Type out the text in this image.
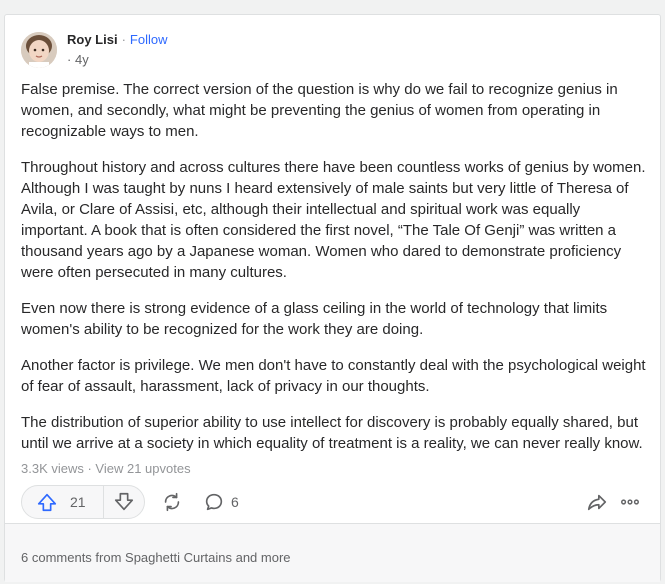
Roy Lisi · Follow
· 4y

False premise. The correct version of the question is why do we fail to recognize genius in women, and secondly, what might be preventing the genius of women from operating in recognizable ways to men.

Throughout history and across cultures there have been countless works of genius by women. Although I was taught by nuns I heard extensively of male saints but very little of Theresa of Avila, or Clare of Assisi, etc, although their intellectual and spiritual work was equally important. A book that is often considered the first novel, “The Tale Of Genji” was written a thousand years ago by a Japanese woman. Women who dared to demonstrate proficiency were often persecuted in many cultures.

Even now there is strong evidence of a glass ceiling in the world of technology that limits women's ability to be recognized for the work they are doing.

Another factor is privilege. We men don't have to constantly deal with the psychological weight of fear of assault, harassment, lack of privacy in our thoughts.

The distribution of superior ability to use intellect for discovery is probably equally shared, but until we arrive at a society in which equality of treatment is a reality, we can never really know.

3.3K views · View 21 upvotes
21	6
6 comments from Spaghetti Curtains and more
